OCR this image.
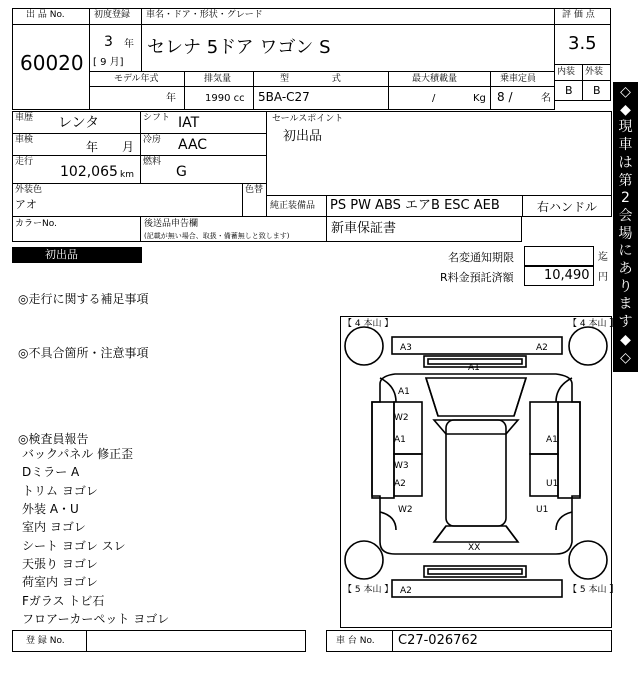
出 品 No.
60020
初度登録
3 年
[ 9 月]
車名・ドア・形状・グレード
セレナ 5ドア ワゴン S
評 価 点
3.5
内装 外装
B B
モデル年式	排気量	型 式	最大積載量	乗車定員
年	1990 cc 5BA-C27	/	Kg 8 /	名
車歴 レンタ	シフト IAT
車検	年 月 冷房 AAC
走行
102,065 km
燃料
G
外装色
アオ
色替
カラーNo.	後送品申告欄
(記載が無い場合、取扱・備蓄無しと致します)
セールスポイント
初出品
純正装備品 PS PW ABS エアB ESC AEB	右ハンドル
新車保証書
初出品	名変通知期限	迄
R料金預託済額 10,490 円
◇
◆
現
車
は
第
2
会
場
に
あ
り
ま
す
◆
◇
◎走行に関する補足事項
◎不具合箇所・注意事項
◎検査員報告
バックパネル 修正歪
Dミラー A
トリム ヨゴレ
外装 A・U
室内 ヨゴレ
シート ヨゴレ スレ
天張り ヨゴレ
荷室内 ヨゴレ
Fガラス トビ石
フロアーカーペット ヨゴレ
【 4 本山 】	【 4 本山 】
【 5 本山 】	【 5 本山 】
A3	A2
A1
A1
W2
A1	A1
W3
A2	U1
W2	U1
XX
A2
登 録 No.	車 台 No. C27-026762
